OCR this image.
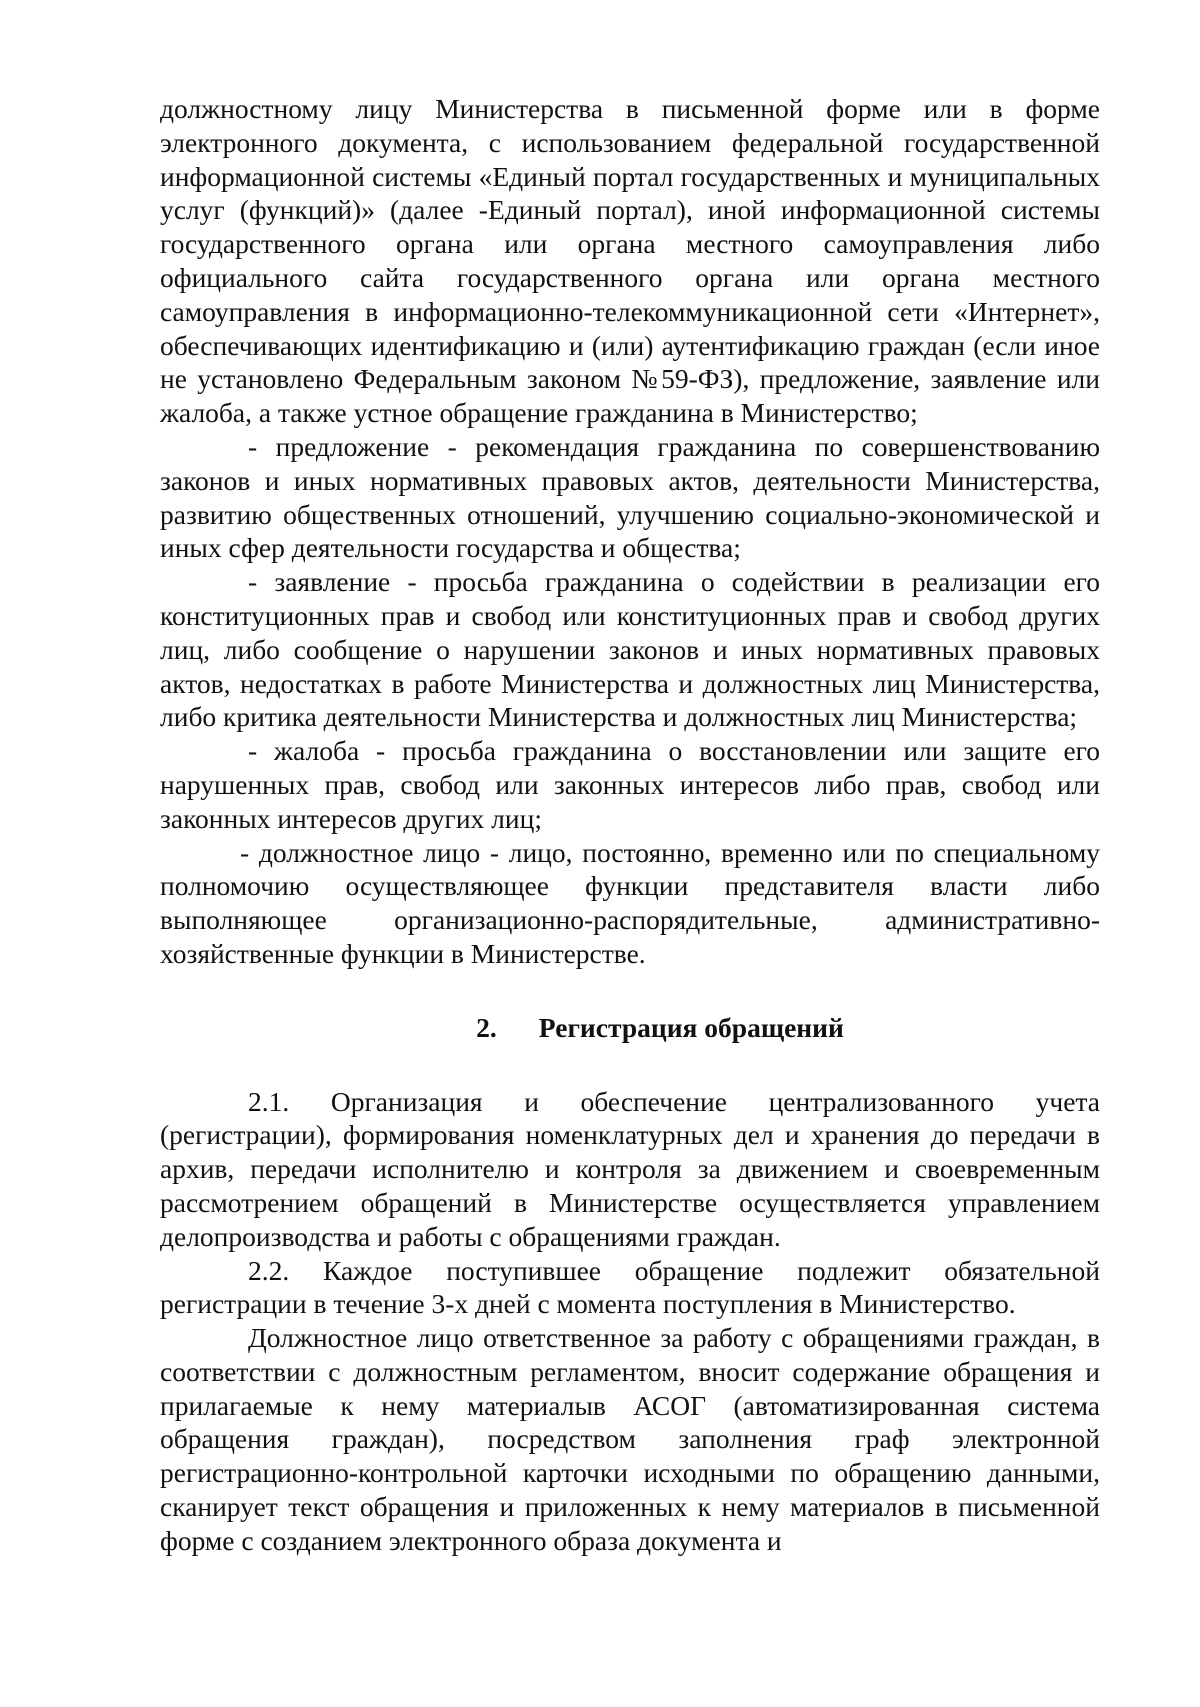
должностному лицу Министерства в письменной форме или в форме электронного документа, с использованием федеральной государственной информационной системы «Единый портал государственных и муниципальных услуг (функций)» (далее -Единый портал), иной информационной системы государственного органа или органа местного самоуправления либо официального сайта государственного органа или органа местного самоуправления в информационно-телекоммуникационной сети «Интернет», обеспечивающих идентификацию и (или) аутентификацию граждан (если иное не установлено Федеральным законом №59-ФЗ), предложение, заявление или жалоба, а также устное обращение гражданина в Министерство;

- предложение - рекомендация гражданина по совершенствованию законов и иных нормативных правовых актов, деятельности Министерства, развитию общественных отношений, улучшению социально-экономической и иных сфер деятельности государства и общества;

- заявление - просьба гражданина о содействии в реализации его конституционных прав и свобод или конституционных прав и свобод других лиц, либо сообщение о нарушении законов и иных нормативных правовых актов, недостатках в работе Министерства и должностных лиц Министерства, либо критика деятельности Министерства и должностных лиц Министерства;

- жалоба - просьба гражданина о восстановлении или защите его нарушенных прав, свобод или законных интересов либо прав, свобод или законных интересов других лиц;

- должностное лицо - лицо, постоянно, временно или по специальному полномочию осуществляющее функции представителя власти либо выполняющее организационно-распорядительные, административно-хозяйственные функции в Министерстве.

2. Регистрация обращений

2.1. Организация и обеспечение централизованного учета (регистрации), формирования номенклатурных дел и хранения до передачи в архив, передачи исполнителю и контроля за движением и своевременным рассмотрением обращений в Министерстве осуществляется управлением делопроизводства и работы с обращениями граждан.

2.2. Каждое поступившее обращение подлежит обязательной регистрации в течение 3-х дней с момента поступления в Министерство.

Должностное лицо ответственное за работу с обращениями граждан, в соответствии с должностным регламентом, вносит содержание обращения и прилагаемые к нему материалыв АСОГ (автоматизированная система обращения граждан), посредством заполнения граф электронной регистрационно-контрольной карточки исходными по обращению данными, сканирует текст обращения и приложенных к нему материалов в письменной форме с созданием электронного образа документа и
